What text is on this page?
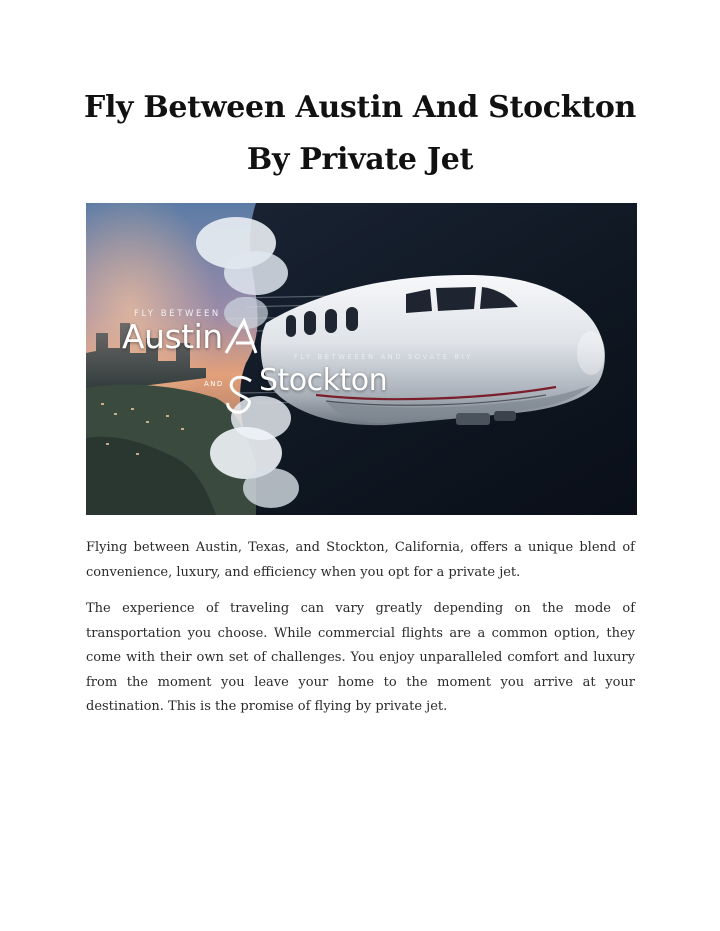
Fly Between Austin And Stockton
By Private Jet
FLY BETWEEN
Austin
FLY BETWEEEN AND SOVATE BIY
AND Stockton

Flying between Austin, Texas, and Stockton, California, offers a unique blend of convenience, luxury, and efficiency when you opt for a private jet.

The experience of traveling can vary greatly depending on the mode of transportation you choose. While commercial flights are a common option, they come with their own set of challenges. You enjoy unparalleled comfort and luxury from the moment you leave your home to the moment you arrive at your destination. This is the promise of flying by private jet.
